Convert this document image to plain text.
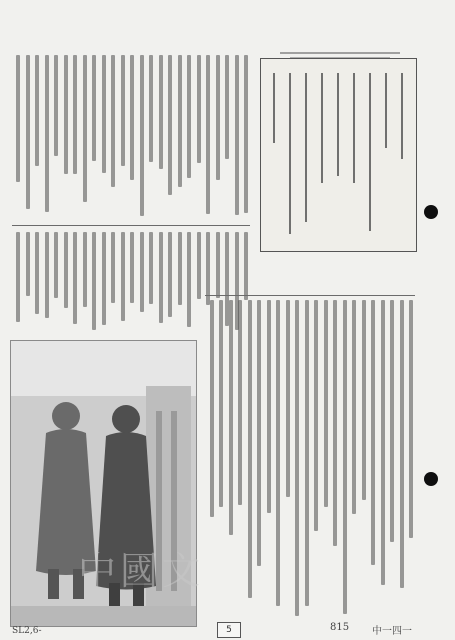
中國文
5
SL2,6-	815 中一四一
